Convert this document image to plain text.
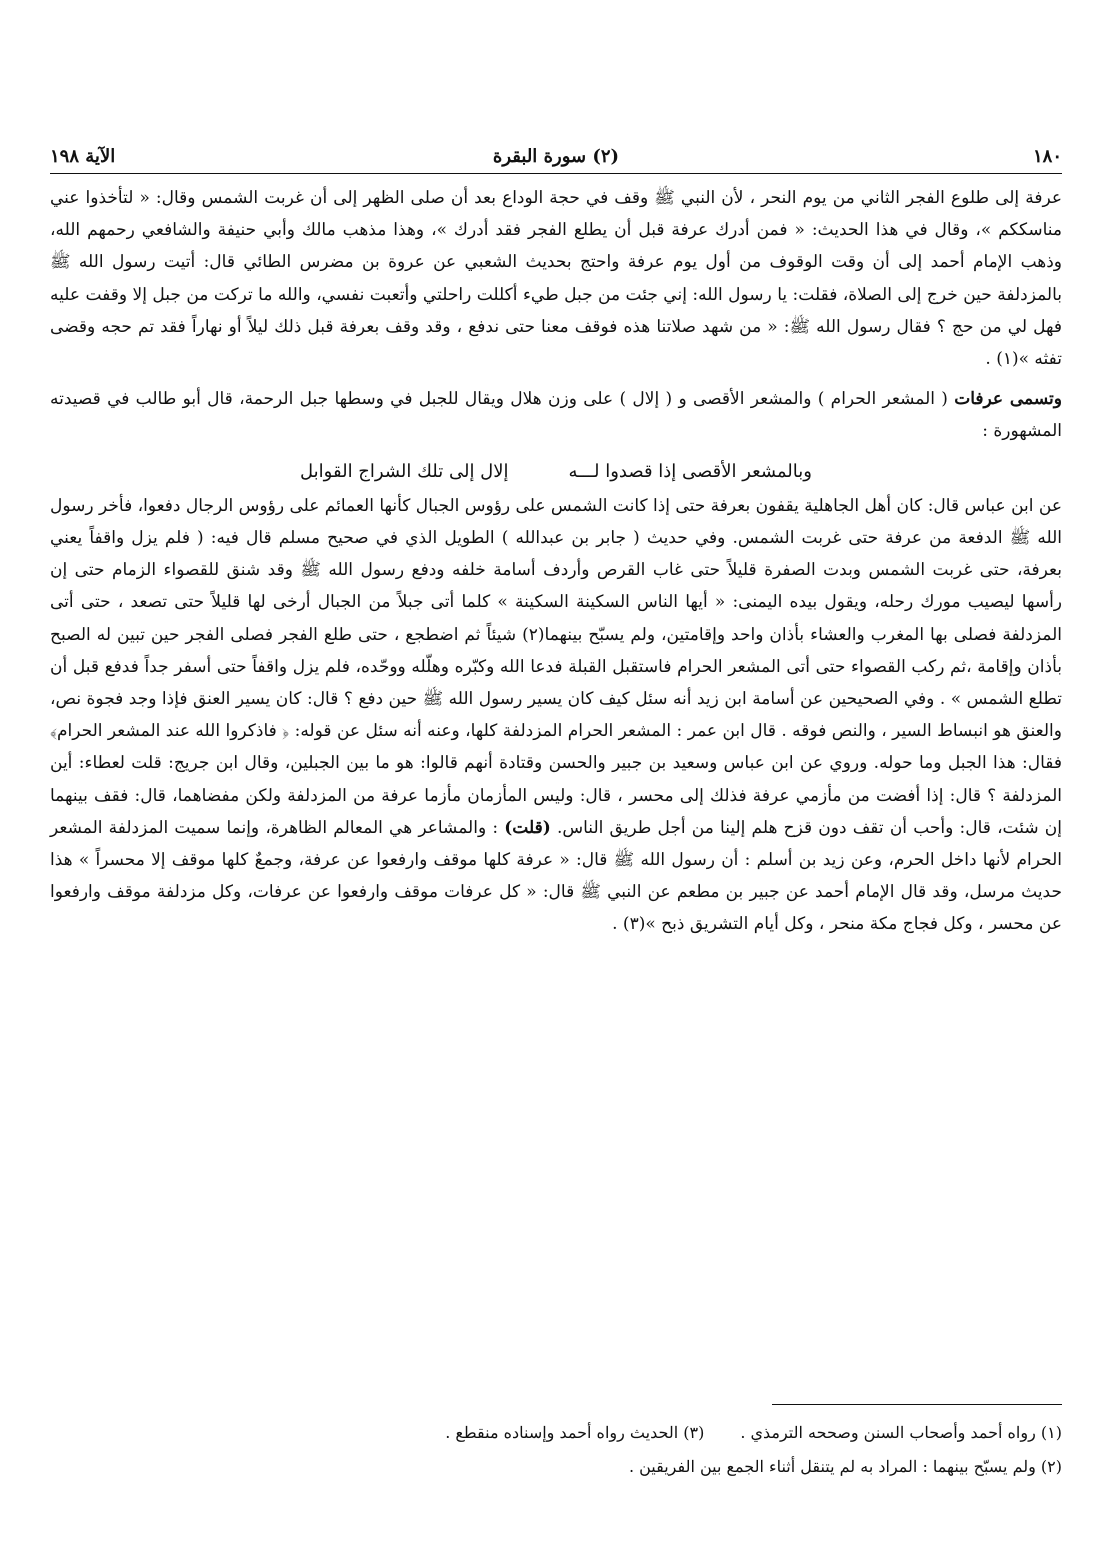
١٨٠
(٢) سورة البقرة
الآية ١٩٨

عرفة إلى طلوع الفجر الثاني من يوم النحر ، لأن النبي ﷺ وقف في حجة الوداع بعد أن صلى الظهر إلى أن غربت الشمس وقال: « لتأخذوا عني مناسككم »، وقال في هذا الحديث: « فمن أدرك عرفة قبل أن يطلع الفجر فقد أدرك »، وهذا مذهب مالك وأبي حنيفة والشافعي رحمهم الله، وذهب الإمام أحمد إلى أن وقت الوقوف من أول يوم عرفة واحتج بحديث الشعبي عن عروة بن مضرس الطائي قال: أتيت رسول الله ﷺ بالمزدلفة حين خرج إلى الصلاة، فقلت: يا رسول الله: إني جئت من جبل طيء أكللت راحلتي وأتعبت نفسي، والله ما تركت من جبل إلا وقفت عليه فهل لي من حج ؟ فقال رسول الله ﷺ: « من شهد صلاتنا هذه فوقف معنا حتى ندفع ، وقد وقف بعرفة قبل ذلك ليلاً أو نهاراً فقد تم حجه وقضى تفثه »(١) .

وتسمى عرفات ( المشعر الحرام ) والمشعر الأقصى و ( إلال ) على وزن هلال ويقال للجبل في وسطها جبل الرحمة، قال أبو طالب في قصيدته المشهورة :

وبالمشعر الأقصى إذا قصدوا لـــه
إلال إلى تلك الشراج القوابل

عن ابن عباس قال: كان أهل الجاهلية يقفون بعرفة حتى إذا كانت الشمس على رؤوس الجبال كأنها العمائم على رؤوس الرجال دفعوا، فأخر رسول الله ﷺ الدفعة من عرفة حتى غربت الشمس. وفي حديث ( جابر بن عبدالله ) الطويل الذي في صحيح مسلم قال فيه: ( فلم يزل واقفاً يعني بعرفة، حتى غربت الشمس وبدت الصفرة قليلاً حتى غاب القرص وأردف أسامة خلفه ودفع رسول الله ﷺ وقد شنق للقصواء الزمام حتى إن رأسها ليصيب مورك رحله، ويقول بيده اليمنى: « أيها الناس السكينة السكينة » كلما أتى جبلاً من الجبال أرخى لها قليلاً حتى تصعد ، حتى أتى المزدلفة فصلى بها المغرب والعشاء بأذان واحد وإقامتين، ولم يسبّح بينهما(٢) شيئاً ثم اضطجع ، حتى طلع الفجر فصلى الفجر حين تبين له الصبح بأذان وإقامة ،ثم ركب القصواء حتى أتى المشعر الحرام فاستقبل القبلة فدعا الله وكبّره وهلّله ووحّده، فلم يزل واقفاً حتى أسفر جداً فدفع قبل أن تطلع الشمس » . وفي الصحيحين عن أسامة ابن زيد أنه سئل كيف كان يسير رسول الله ﷺ حين دفع ؟ قال: كان يسير العنق فإذا وجد فجوة نص، والعنق هو انبساط السير ، والنص فوقه . قال ابن عمر : المشعر الحرام المزدلفة كلها، وعنه أنه سئل عن قوله: ﴿ فاذكروا الله عند المشعر الحرام﴾ فقال: هذا الجبل وما حوله. وروي عن ابن عباس وسعيد بن جبير والحسن وقتادة أنهم قالوا: هو ما بين الجبلين، وقال ابن جريج: قلت لعطاء: أين المزدلفة ؟ قال: إذا أفضت من مأزمي عرفة فذلك إلى محسر ، قال: وليس المأزمان مأزما عرفة من المزدلفة ولكن مفضاهما، قال: فقف بينهما إن شئت، قال: وأحب أن تقف دون قزح هلم إلينا من أجل طريق الناس. (قلت) : والمشاعر هي المعالم الظاهرة، وإنما سميت المزدلفة المشعر الحرام لأنها داخل الحرم، وعن زيد بن أسلم : أن رسول الله ﷺ قال: « عرفة كلها موقف وارفعوا عن عرفة، وجمعٌ كلها موقف إلا محسراً » هذا حديث مرسل، وقد قال الإمام أحمد عن جبير بن مطعم عن النبي ﷺ قال: « كل عرفات موقف وارفعوا عن عرفات، وكل مزدلفة موقف وارفعوا عن محسر ، وكل فجاج مكة منحر ، وكل أيام التشريق ذبح »(٣) .

(١) رواه أحمد وأصحاب السنن وصححه الترمذي .
(٣) الحديث رواه أحمد وإسناده منقطع .
(٢) ولم يسبّح بينهما : المراد به لم يتنقل أثناء الجمع بين الفريقين .
